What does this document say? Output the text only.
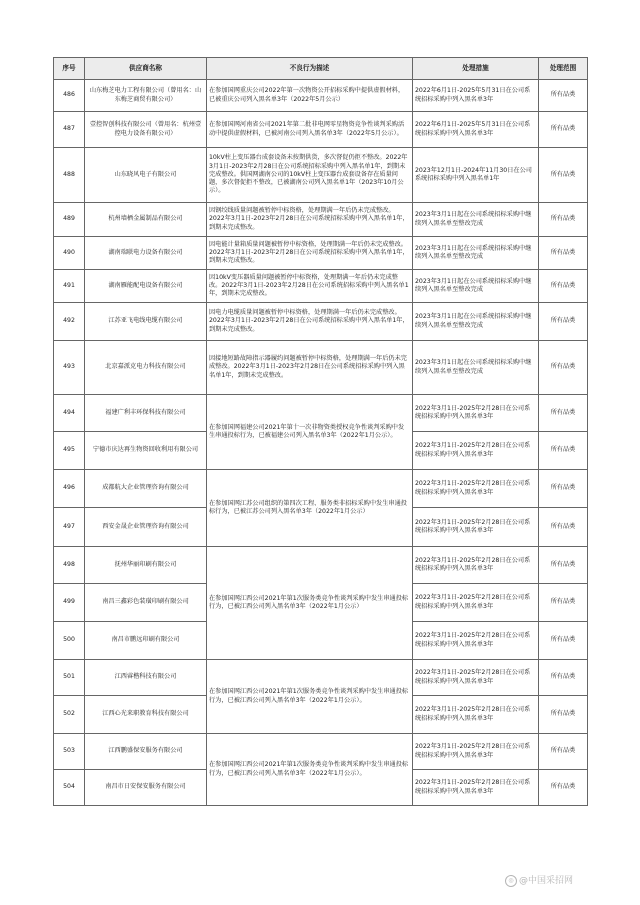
序号	供应商名称	不良行为描述	处理措施	处理范围
486	山东梅芝电力工程有限公司（曾用名：山东梅芝商贸有限公司）	在参加国网重庆公司2022年第一次物资公开招标采购中提供虚假材料，已被重庆公司列入黑名单3年（2022年5月公示）	2022年6月1日-2025年5月31日在公司系统招标采购中列入黑名单3年	所有品类
487	壹控智创科技有限公司（曾用名：杭州壹控电力设备有限公司）	在参加国网河南省公司2021年第二批非电网零星物资竞争性谈判采购活动中提供虚假材料，已被河南公司列入黑名单3年（2022年5月公示）。	2022年6月1日-2025年5月31日在公司系统招标采购中列入黑名单3年	所有品类
488	山东晓风电子有限公司	10kV柱上变压器台成套设备未按期供货，多次督促仍拒不整改。2022年3月1日-2023年2月28日在公司系统招标采购中列入黑名单1年，到期未完成整改。供国网湖南公司的10kV柱上变压器台成套设备存在质量问题，多次督促拒不整改，已被湖南公司列入黑名单1年（2023年10月公示）。	2023年12月1日-2024年11月30日在公司系统招标采购中列入黑名单1年	所有品类
489	杭州墙栖金属制品有限公司	因钢绞线质量问题被暂停中标资格，处理期满一年后仍未完成整改。2022年3月1日-2023年2月28日在公司系统招标采购中列入黑名单1年，到期未完成整改。	2023年3月1日起在公司系统招标采购中继续列入黑名单至整改完成	所有品类
490	湖南瑞联电力设备有限公司	因电能计量箱质量问题被暂停中标资格，处理期满一年后仍未完成整改。2022年3月1日-2023年2月28日在公司系统招标采购中列入黑名单1年，到期未完成整改。	2023年3月1日起在公司系统招标采购中继续列入黑名单至整改完成	所有品类
491	湖南雁能配电设备有限公司	因10kV变压器质量问题被暂停中标资格，处理期满一年后仍未完成整改。2022年3月1日-2023年2月28日在公司系统招标采购中列入黑名单1年，到期未完成整改。	2023年3月1日起在公司系统招标采购中继续列入黑名单至整改完成	所有品类
492	江苏亚飞电线电缆有限公司	因电力电缆质量问题被暂停中标资格，处理期满一年后仍未完成整改。2022年3月1日-2023年2月28日在公司系统招标采购中列入黑名单1年，到期未完成整改。	2023年3月1日起在公司系统招标采购中继续列入黑名单至整改完成	所有品类
493	北京嘉派克电力科技有限公司	因接地短路故障指示器履约问题被暂停中标资格，处理期满一年后仍未完成整改。2022年3月1日-2023年2月28日在公司系统招标采购中列入黑名单1年，到期未完成整改。	2023年3月1日起在公司系统招标采购中继续列入黑名单至整改完成	所有品类
494	福建广利丰环保科技有限公司	在参加国网福建公司2021年第十一次非物资类授权竞争性谈判采购中发生串通投标行为，已被福建公司列入黑名单3年（2022年1月公示）。	2022年3月1日-2025年2月28日在公司系统招标采购中列入黑名单3年	所有品类
495	宁德市庆达再生物资回收利用有限公司		2022年3月1日-2025年2月28日在公司系统招标采购中列入黑名单3年	所有品类
496	成都航大企业管理咨询有限公司	在参加国网江苏公司组织的第四次工程、服务类非招标采购中发生串通投标行为，已被江苏公司列入黑名单3年（2022年1月公示）	2022年3月1日-2025年2月28日在公司系统招标采购中列入黑名单3年	所有品类
497	西安金晟企业管理咨询有限公司		2022年3月1日-2025年2月28日在公司系统招标采购中列入黑名单3年	所有品类
498	抚州华丽印刷有限公司	在参加国网江西公司2021年第1次服务类竞争性谈判采购中发生串通投标行为，已被江西公司列入黑名单3年（2022年1月公示）	2022年3月1日-2025年2月28日在公司系统招标采购中列入黑名单3年	所有品类
499	南昌三鑫彩色装璜印刷有限公司		2022年3月1日-2025年2月28日在公司系统招标采购中列入黑名单3年	所有品类
500	南昌市鹏远印刷有限公司		2022年3月1日-2025年2月28日在公司系统招标采购中列入黑名单3年	所有品类
501	江西睿楷科技有限公司	在参加国网江西公司2021年第1次服务类竞争性谈判采购中发生串通投标行为，已被江西公司列入黑名单3年（2022年1月公示）。	2022年3月1日-2025年2月28日在公司系统招标采购中列入黑名单3年	所有品类
502	江西心光来职教育科技有限公司		2022年3月1日-2025年2月28日在公司系统招标采购中列入黑名单3年	所有品类
503	江西鹏盛保安服务有限公司	在参加国网江西公司2021年第1次服务类竞争性谈判采购中发生串通投标行为，已被江西公司列入黑名单3年（2022年1月公示）。	2022年3月1日-2025年2月28日在公司系统招标采购中列入黑名单3年	所有品类
504	南昌市日安保安服务有限公司		2022年3月1日-2025年2月28日在公司系统招标采购中列入黑名单3年	所有品类
◎ @中国采招网
